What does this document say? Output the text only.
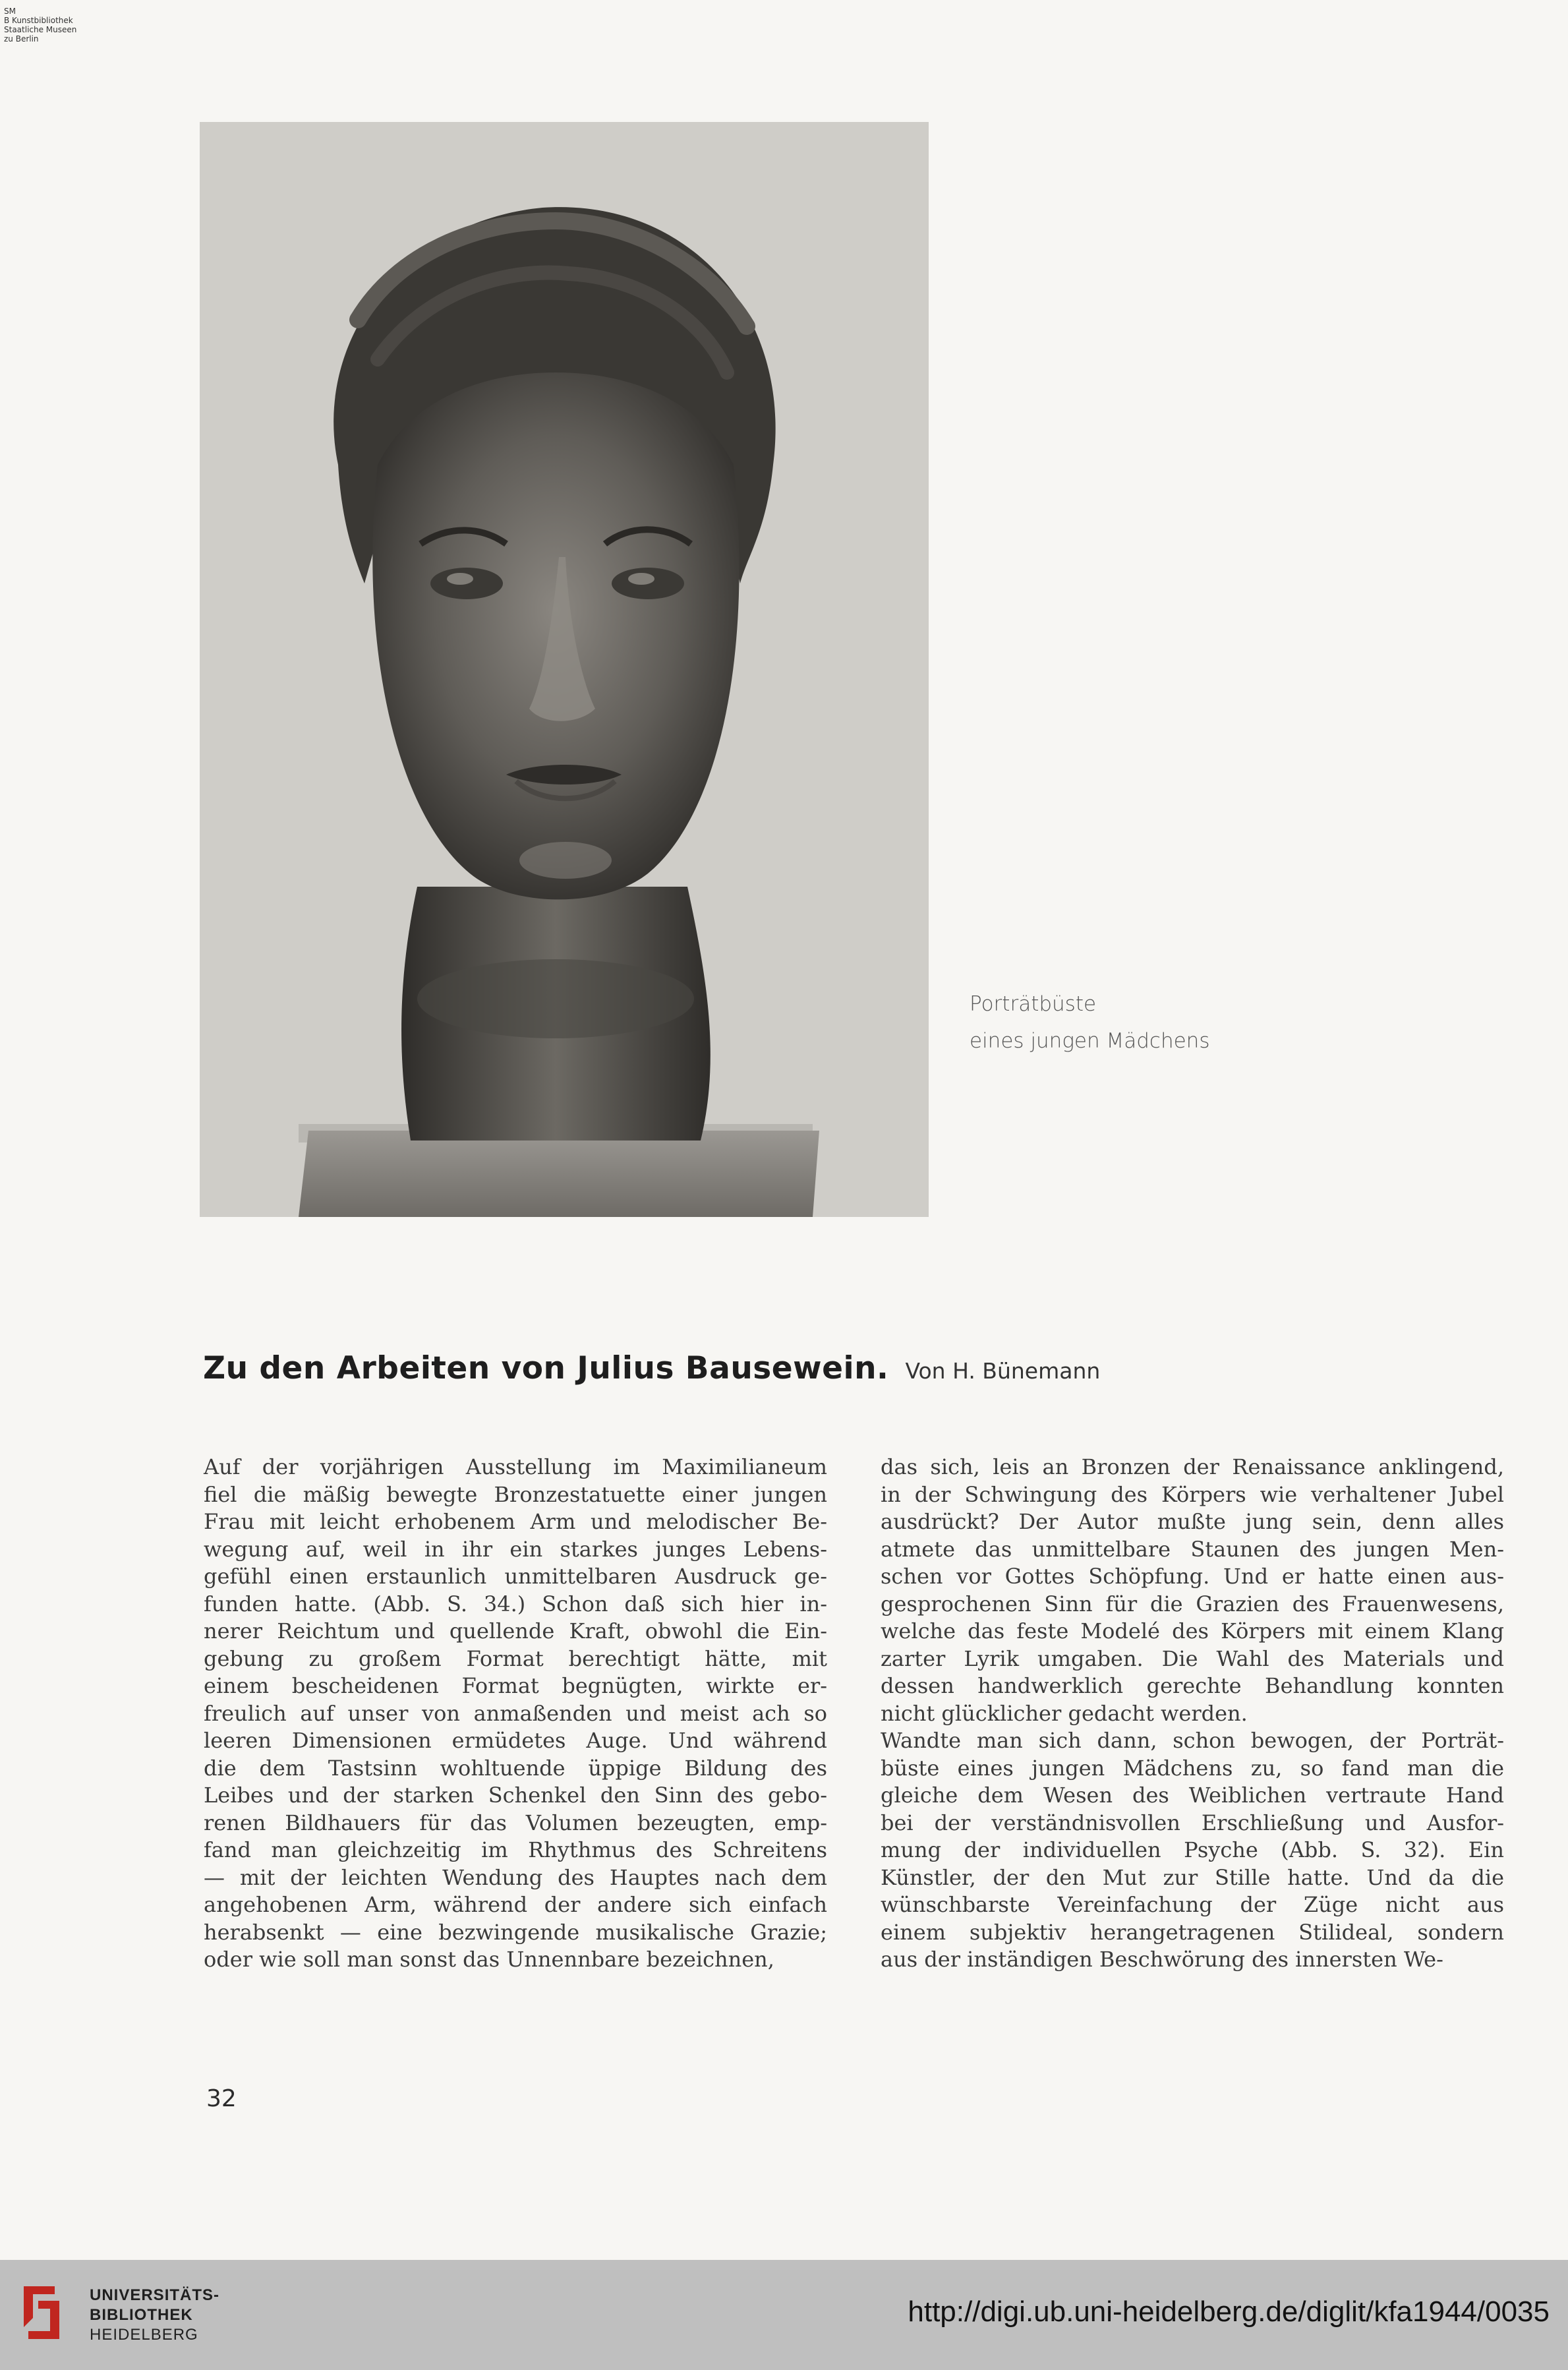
SM
B Kunstbibliothek
Staatliche Museen
zu Berlin
Porträtbüste
eines jungen Mädchens
Zu den Arbeiten von Julius Bausewein. Von H. Bünemann
Auf der vorjährigen Ausstellung im Maximilianeum
fiel die mäßig bewegte Bronzestatuette einer jungen
Frau mit leicht erhobenem Arm und melodischer Be-
wegung auf, weil in ihr ein starkes junges Lebens-
gefühl einen erstaunlich unmittelbaren Ausdruck ge-
funden hatte. (Abb. S. 34.) Schon daß sich hier in-
nerer Reichtum und quellende Kraft, obwohl die Ein-
gebung zu großem Format berechtigt hätte, mit
einem bescheidenen Format begnügten, wirkte er-
freulich auf unser von anmaßenden und meist ach so
leeren Dimensionen ermüdetes Auge. Und während
die dem Tastsinn wohltuende üppige Bildung des
Leibes und der starken Schenkel den Sinn des gebo-
renen Bildhauers für das Volumen bezeugten, emp-
fand man gleichzeitig im Rhythmus des Schreitens
— mit der leichten Wendung des Hauptes nach dem
angehobenen Arm, während der andere sich einfach
herabsenkt — eine bezwingende musikalische Grazie;
oder wie soll man sonst das Unnennbare bezeichnen,
das sich, leis an Bronzen der Renaissance anklingend,
in der Schwingung des Körpers wie verhaltener Jubel
ausdrückt? Der Autor mußte jung sein, denn alles
atmete das unmittelbare Staunen des jungen Men-
schen vor Gottes Schöpfung. Und er hatte einen aus-
gesprochenen Sinn für die Grazien des Frauenwesens,
welche das feste Modelé des Körpers mit einem Klang
zarter Lyrik umgaben. Die Wahl des Materials und
dessen handwerklich gerechte Behandlung konnten
nicht glücklicher gedacht werden.
Wandte man sich dann, schon bewogen, der Porträt-
büste eines jungen Mädchens zu, so fand man die
gleiche dem Wesen des Weiblichen vertraute Hand
bei der verständnisvollen Erschließung und Ausfor-
mung der individuellen Psyche (Abb. S. 32). Ein
Künstler, der den Mut zur Stille hatte. Und da die
wünschbarste Vereinfachung der Züge nicht aus
einem subjektiv herangetragenen Stilideal, sondern
aus der inständigen Beschwörung des innersten We-
32
UNIVERSITÄTS-
BIBLIOTHEK
HEIDELBERG
http://digi.ub.uni-heidelberg.de/diglit/kfa1944/0035
